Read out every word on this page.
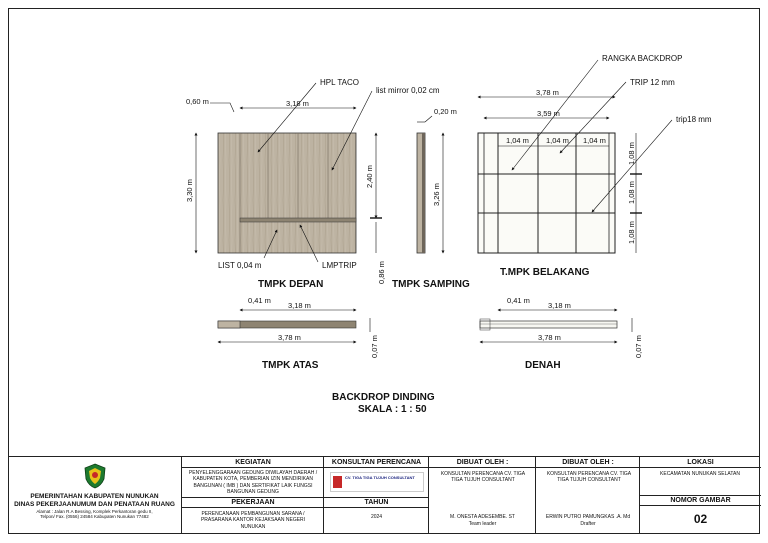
3,18 m
0,60 m
3,30 m
2,40 m
0,86 m
HPL TACO
list mirror 0,02 cm
LIST 0,04 m	LMPTRIP
TMPK DEPAN
0,20 m
3,26 m
TMPK SAMPING
3,78 m
3,59 m
1,04 m 1,04 m 1,04 m
1,08 m
1,08 m
1,08 m
RANGKA BACKDROP
TRIP 12 mm
trip18 mm
T.MPK BELAKANG
3,18 m
0,41 m
3,78 m	0,07 m
TMPK ATAS
3,18 m
0,41 m
3,78 m	0,07 m
DENAH
BACKDROP DINDING
SKALA : 1 : 50
PEMERINTAHAN KABUPATEN NUNUKAN
DINAS PEKERJAANUMUM DAN PENATAAN RUANG
Alamat : Jalan R.A Bessing, Komplek Perkantoran gedu II,
Telpon/ Fax. (0556) 24584 Kabupaten Nunukan 77482
KEGIATAN
PENYELENGGARAAN GEDUNG DIWILAYAH DAERAH / KABUPATEN KOTA, PEMBERIAN IZIN MENDIRIKAN BANGUNAN ( IMB ) DAN SERTIFIKAT LAIK FUNGSI BANGUNAN GEDUNG
PEKERJAAN
PERENCANAAN PEMBANGUNAN SARANA / PRASARANA KANTOR KEJAKSAAN NEGERI NUNUKAN
KONSULTAN PERENCANA
CV. TIGA TIGA TUJUH CONSULTANT
TAHUN
2024
DIBUAT OLEH :
KONSULTAN PERENCANA CV. TIGA TIGA TUJUH CONSULTANT
M. ONESTA ADESEMBE. ST
Team leader
DIBUAT OLEH :
KONSULTAN PERENCANA CV. TIGA TIGA TUJUH CONSULTANT
ERWIN PUTRO PAMUNGKAS .A. Md
Drafter
LOKASI
KECAMATAN NUNUKAN SELATAN
NOMOR GAMBAR
02
